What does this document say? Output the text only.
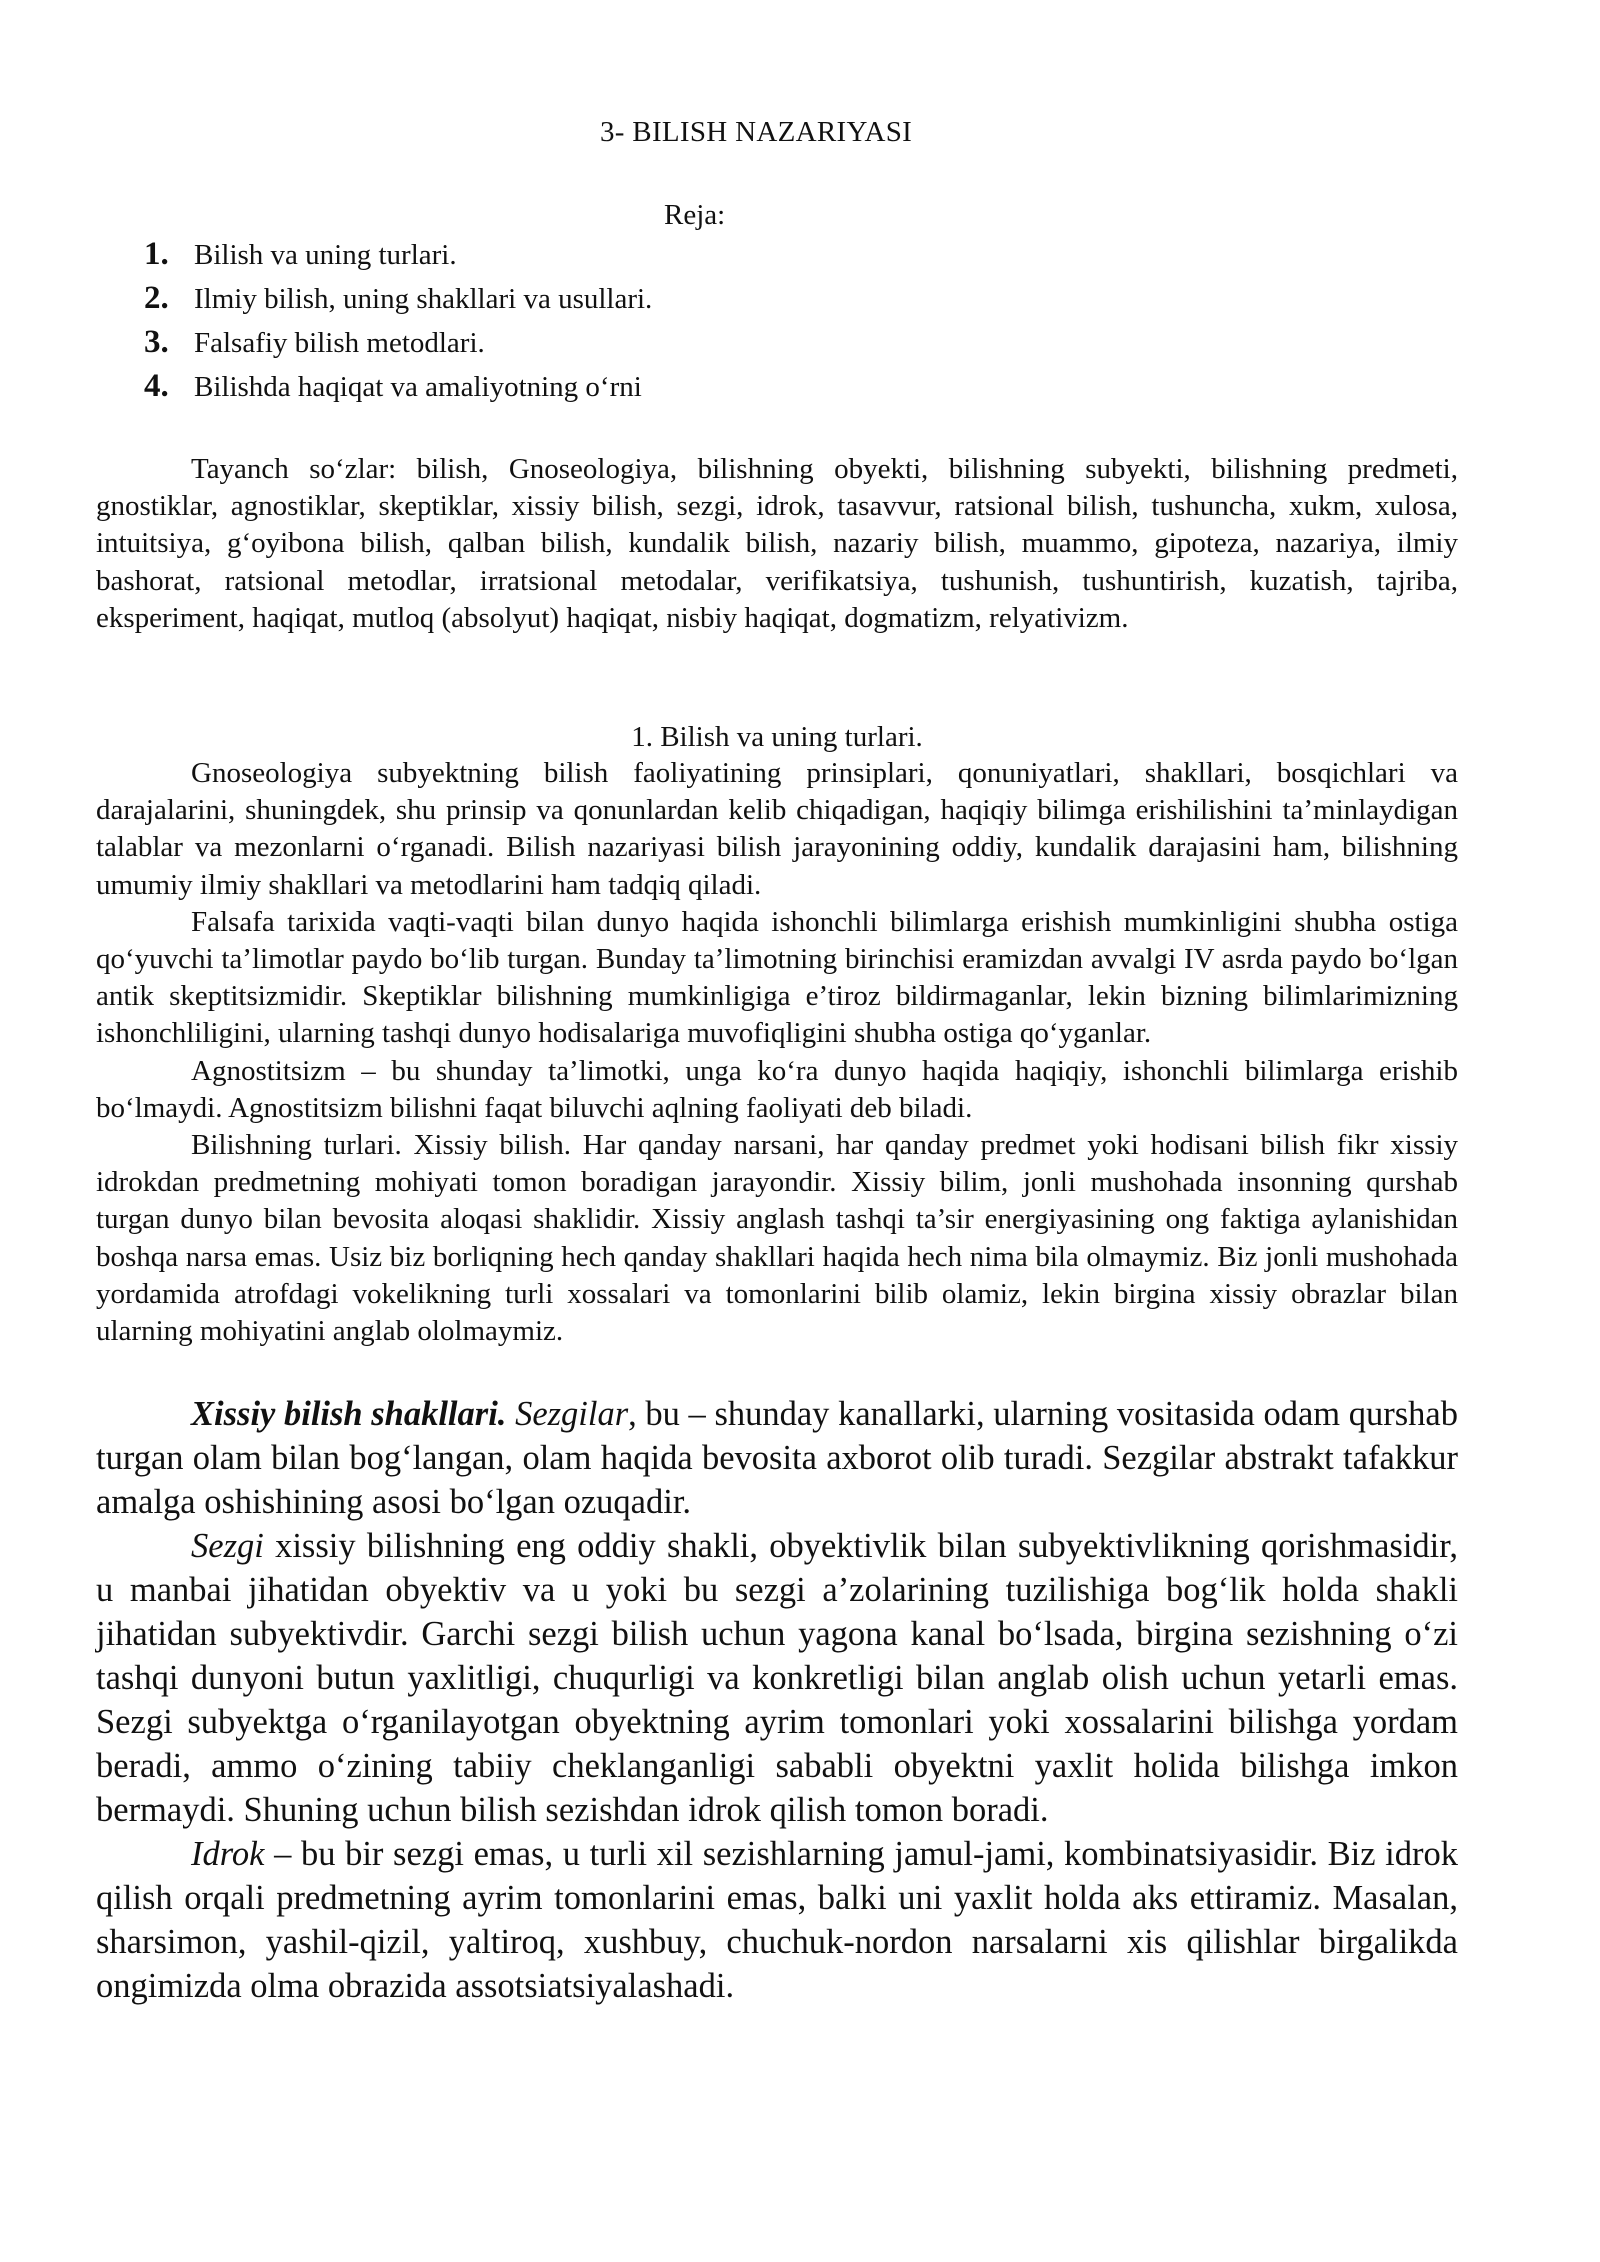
3- BILISH NAZARIYASI
Reja:
1. Bilish va uning turlari.
2. Ilmiy bilish, uning shakllari va usullari.
3. Falsafiy bilish metodlari.
4. Bilishda haqiqat va amaliyotning o‘rni

Tayanch so‘zlar: bilish, Gnoseologiya, bilishning obyekti, bilishning subyekti, bilishning predmeti, gnostiklar, agnostiklar, skeptiklar, xissiy bilish, sezgi, idrok, tasavvur, ratsional bilish, tushuncha, xukm, xulosa, intuitsiya, g‘oyibona bilish, qalban bilish, kundalik bilish, nazariy bilish, muammo, gipoteza, nazariya, ilmiy bashorat, ratsional metodlar, irratsional metodalar, verifikatsiya, tushunish, tushuntirish, kuzatish, tajriba, eksperiment, haqiqat, mutloq (absolyut) haqiqat, nisbiy haqiqat, dogmatizm, relyativizm.

1. Bilish va uning turlari.

Gnoseologiya subyektning bilish faoliyatining prinsiplari, qonuniyatlari, shakllari, bosqichlari va darajalarini, shuningdek, shu prinsip va qonunlardan kelib chiqadigan, haqiqiy bilimga erishilishini ta’minlaydigan talablar va mezonlarni o‘rganadi. Bilish nazariyasi bilish jarayonining oddiy, kundalik darajasini ham, bilishning umumiy ilmiy shakllari va metodlarini ham tadqiq qiladi.

Falsafa tarixida vaqti-vaqti bilan dunyo haqida ishonchli bilimlarga erishish mumkinligini shubha ostiga qo‘yuvchi ta’limotlar paydo bo‘lib turgan. Bunday ta’limotning birinchisi eramizdan avvalgi IV asrda paydo bo‘lgan antik skeptitsizmidir. Skeptiklar bilishning mumkinligiga e’tiroz bildirmaganlar, lekin bizning bilimlarimizning ishonchliligini, ularning tashqi dunyo hodisalariga muvofiqligini shubha ostiga qo‘yganlar.

Agnostitsizm – bu shunday ta’limotki, unga ko‘ra dunyo haqida haqiqiy, ishonchli bilimlarga erishib bo‘lmaydi. Agnostitsizm bilishni faqat biluvchi aqlning faoliyati deb biladi.

Bilishning turlari. Xissiy bilish. Har qanday narsani, har qanday predmet yoki hodisani bilish fikr xissiy idrokdan predmetning mohiyati tomon boradigan jarayondir. Xissiy bilim, jonli mushohada insonning qurshab turgan dunyo bilan bevosita aloqasi shaklidir. Xissiy anglash tashqi ta’sir energiyasining ong faktiga aylanishidan boshqa narsa emas. Usiz biz borliqning hech qanday shakllari haqida hech nima bila olmaymiz. Biz jonli mushohada yordamida atrofdagi vokelikning turli xossalari va tomonlarini bilib olamiz, lekin birgina xissiy obrazlar bilan ularning mohiyatini anglab ololmaymiz.

Xissiy bilish shakllari. Sezgilar, bu – shunday kanallarki, ularning vositasida odam qurshab turgan olam bilan bog‘langan, olam haqida bevosita axborot olib turadi. Sezgilar abstrakt tafakkur amalga oshishining asosi bo‘lgan ozuqadir.

Sezgi xissiy bilishning eng oddiy shakli, obyektivlik bilan subyektivlikning qorishmasidir, u manbai jihatidan obyektiv va u yoki bu sezgi a’zolarining tuzilishiga bog‘lik holda shakli jihatidan subyektivdir. Garchi sezgi bilish uchun yagona kanal bo‘lsada, birgina sezishning o‘zi tashqi dunyoni butun yaxlitligi, chuqurligi va konkretligi bilan anglab olish uchun yetarli emas. Sezgi subyektga o‘rganilayotgan obyektning ayrim tomonlari yoki xossalarini bilishga yordam beradi, ammo o‘zining tabiiy cheklanganligi sababli obyektni yaxlit holida bilishga imkon bermaydi. Shuning uchun bilish sezishdan idrok qilish tomon boradi.

Idrok – bu bir sezgi emas, u turli xil sezishlarning jamul-jami, kombinatsiyasidir. Biz idrok qilish orqali predmetning ayrim tomonlarini emas, balki uni yaxlit holda aks ettiramiz. Masalan, sharsimon, yashil-qizil, yaltiroq, xushbuy, chuchuk-nordon narsalarni xis qilishlar birgalikda ongimizda olma obrazida assotsiatsiyalashadi.
